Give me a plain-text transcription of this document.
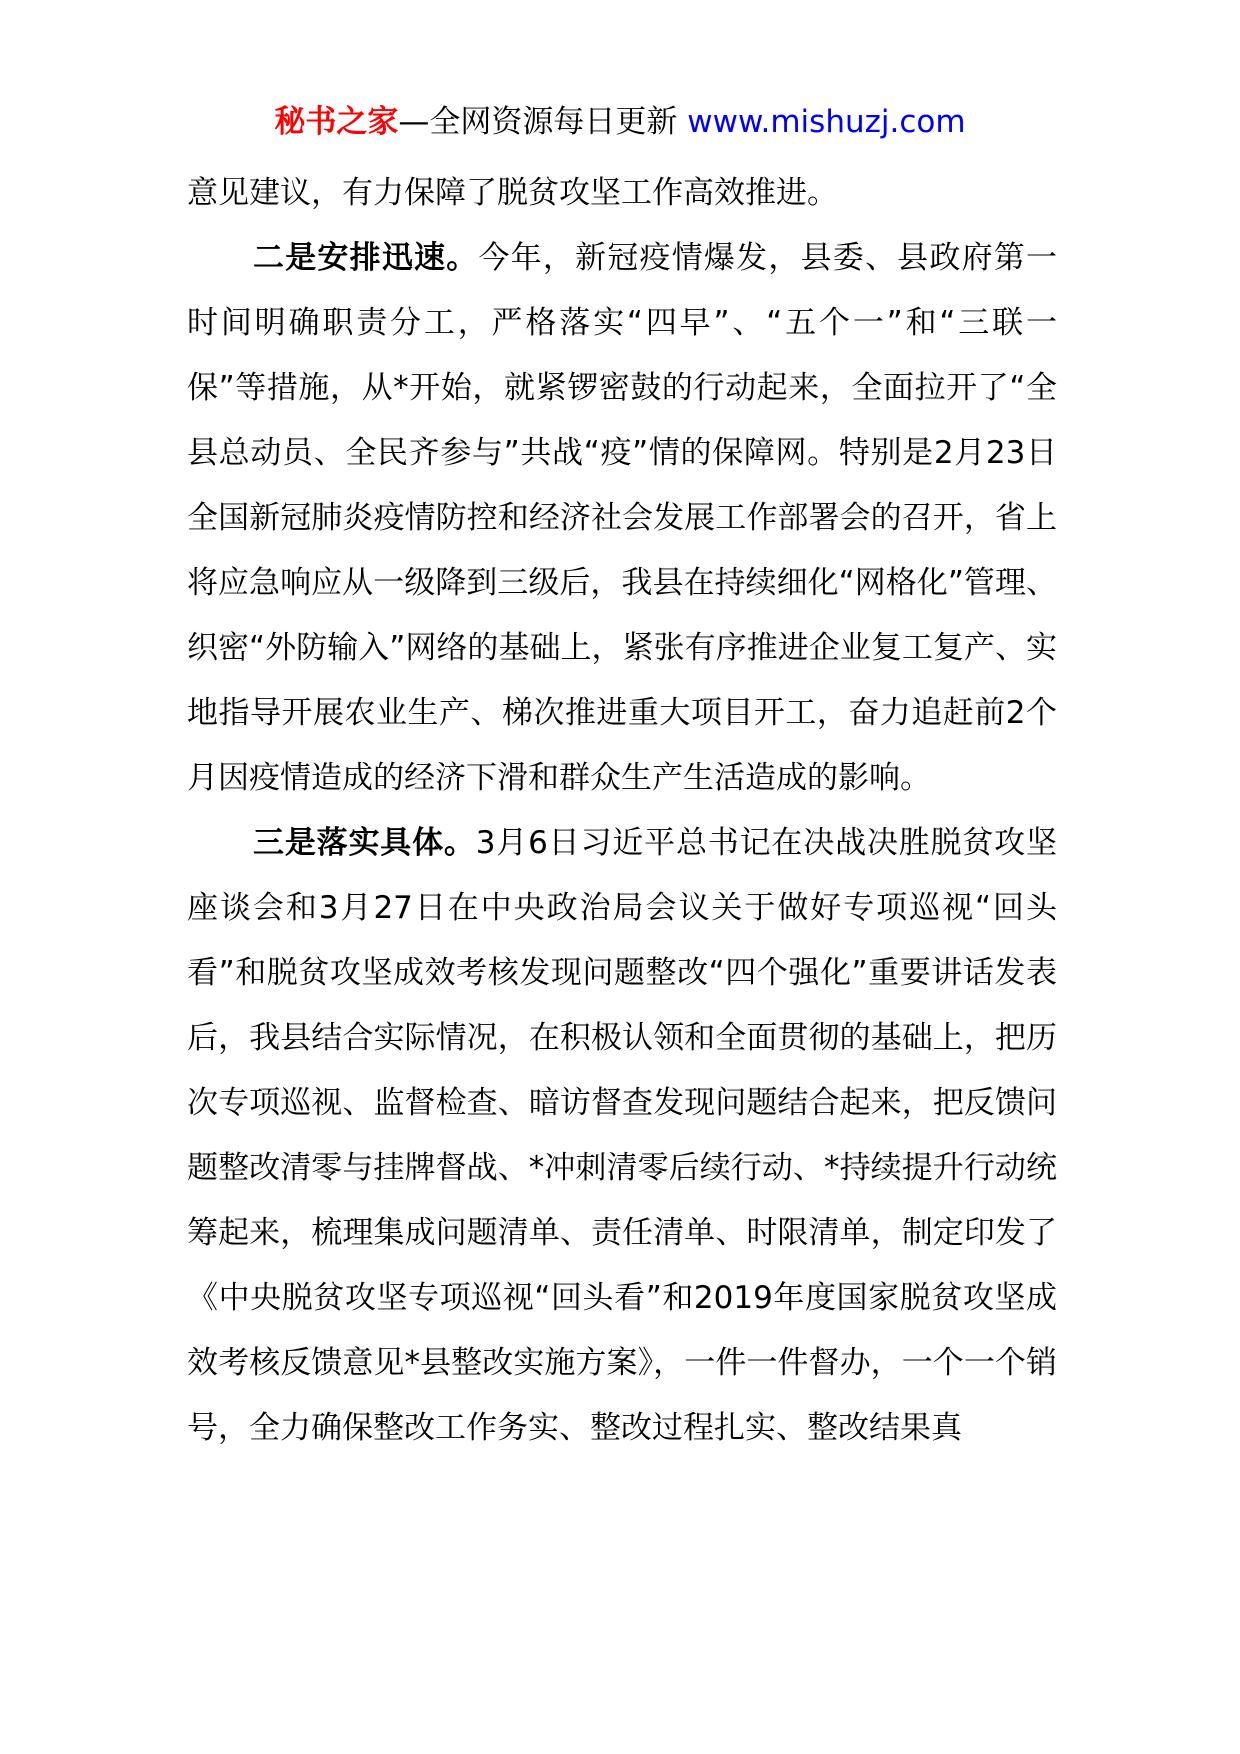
秘书之家—全网资源每日更新 www.mishuzj.com

意见建议，有力保障了脱贫攻坚工作高效推进。

二是安排迅速。今年，新冠疫情爆发，县委、县政府第一时间明确职责分工，严格落实“四早”、“五个一”和“三联一保”等措施，从*开始，就紧锣密鼓的行动起来，全面拉开了“全县总动员、全民齐参与”共战“疫”情的保障网。特别是2月23日全国新冠肺炎疫情防控和经济社会发展工作部署会的召开，省上将应急响应从一级降到三级后，我县在持续细化“网格化”管理、织密“外防输入”网络的基础上，紧张有序推进企业复工复产、实地指导开展农业生产、梯次推进重大项目开工，奋力追赶前2个月因疫情造成的经济下滑和群众生产生活造成的影响。

三是落实具体。3月6日习近平总书记在决战决胜脱贫攻坚座谈会和3月27日在中央政治局会议关于做好专项巡视“回头看”和脱贫攻坚成效考核发现问题整改“四个强化”重要讲话发表后，我县结合实际情况，在积极认领和全面贯彻的基础上，把历次专项巡视、监督检查、暗访督查发现问题结合起来，把反馈问题整改清零与挂牌督战、*冲刺清零后续行动、*持续提升行动统筹起来，梳理集成问题清单、责任清单、时限清单，制定印发了《中央脱贫攻坚专项巡视“回头看”和2019年度国家脱贫攻坚成效考核反馈意见*县整改实施方案》，一件一件督办，一个一个销号，全力确保整改工作务实、整改过程扎实、整改结果真
